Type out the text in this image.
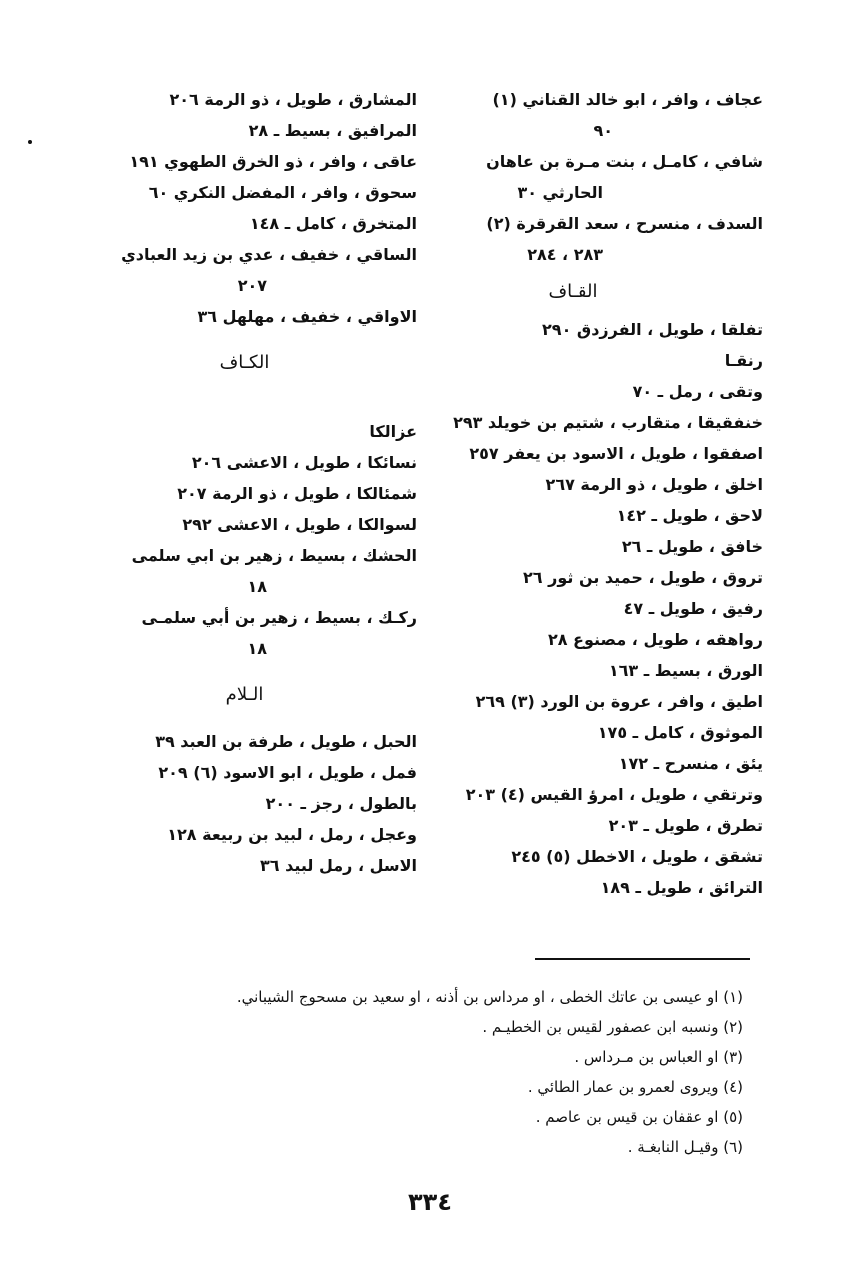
عجاف ، وافر ، ابو خالد القناني (١)
٩٠
شافي ، كامـل ، بنت مـرة بن عاهان
الحارثي ٣٠
السدف ، منسرح ، سعد القرقرة (٢)
٢٨٣ ، ٢٨٤
القـاف
تفلقا ، طويل ، الفرزدق ٢٩٠
رنقـا
وتقى ، رمل ـ ٧٠
خنفقيقا ، متقارب ، شتيم بن خويلد ٢٩٣
اصفقوا ، طويل ، الاسود بن يعفر ٢٥٧
اخلق ، طويل ، ذو الرمة ٢٦٧
لاحق ، طويل ـ ١٤٢
خافق ، طويل ـ ٢٦
تروق ، طويل ، حميد بن ثور ٢٦
رفيق ، طويل ـ ٤٧
رواهقه ، طويل ، مصنوع ٢٨
الورق ، بسيط ـ ١٦٣
اطيق ، وافر ، عروة بن الورد (٣) ٢٦٩
الموثوق ، كامل ـ ١٧٥
يئق ، منسرح ـ ١٧٢
وترتقي ، طويل ، امرؤ القيس (٤) ٢٠٣
تطرق ، طويل ـ ٢٠٣
تشقق ، طويل ، الاخطل (٥) ٢٤٥
الترائق ، طويل ـ ١٨٩
المشارق ، طويل ، ذو الرمة ٢٠٦
المرافيق ، بسيط ـ ٢٨
عاقى ، وافر ، ذو الخرق الطهوي ١٩١
سحوق ، وافر ، المفضل النكري ٦٠
المتخرق ، كامل ـ ١٤٨
الساقي ، خفيف ، عدي بن زيد العبادي
٢٠٧
الاواقي ، خفيف ، مهلهل ٣٦
الكـاف
عزالكا
نسائكا ، طويل ، الاعشى ٢٠٦
شمئالكا ، طويل ، ذو الرمة ٢٠٧
لسوالكا ، طويل ، الاعشى ٢٩٢
الحشك ، بسيط ، زهير بن ابي سلمى
١٨
ركـك ، بسيط ، زهير بن أبي سلمـى
١٨
الـلام
الحبل ، طويل ، طرفة بن العبد ٣٩
فمل ، طويل ، ابو الاسود (٦) ٢٠٩
بالطول ، رجز ـ ٢٠٠
وعجل ، رمل ، لبيد بن ربيعة ١٢٨
الاسل ، رمل لبيد ٣٦
(١) او عيسى بن عاتك الخطى ، او مرداس بن أذنه ، او سعيد بن مسحوج الشيباني.
(٢) ونسبه ابن عصفور لقيس بن الخطيـم .
(٣) او العباس بن مـرداس .
(٤) ويروى لعمرو بن عمار الطائي .
(٥) او عقفان بن قيس بن عاصم .
(٦) وقيـل النابغـة .
٣٣٤
